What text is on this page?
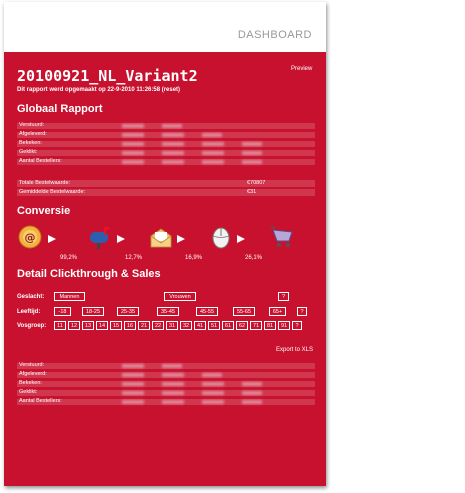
DASHBOARD
Preview
20100921_NL_Variant2
Dit rapport werd opgemaakt op 22-9-2010 11:26:58 (reset)
Globaal Rapport
Verstuurd:
Afgeleverd:
Bekeken:
Geklikt:
Aantal Bestellers:
Totale Bestelwaarde:	€70807
Gemiddelde Bestelwaarde:	€31
Conversie
@
99,2%	12,7%	16,9%	26,1%
Detail Clickthrough & Sales
Geslacht:	Mannen	Vrouwen	?
Leeftijd:	-18	18-25	25-35	35-45	45-55	55-65	65+	?
Vosgroep:	11	12	13	14	15	16	21	22	31	32	41	51	61	62	71	81	91	?
Export to XLS
Verstuurd:
Afgeleverd:
Bekeken:
Geklikt:
Aantal Bestellers:
